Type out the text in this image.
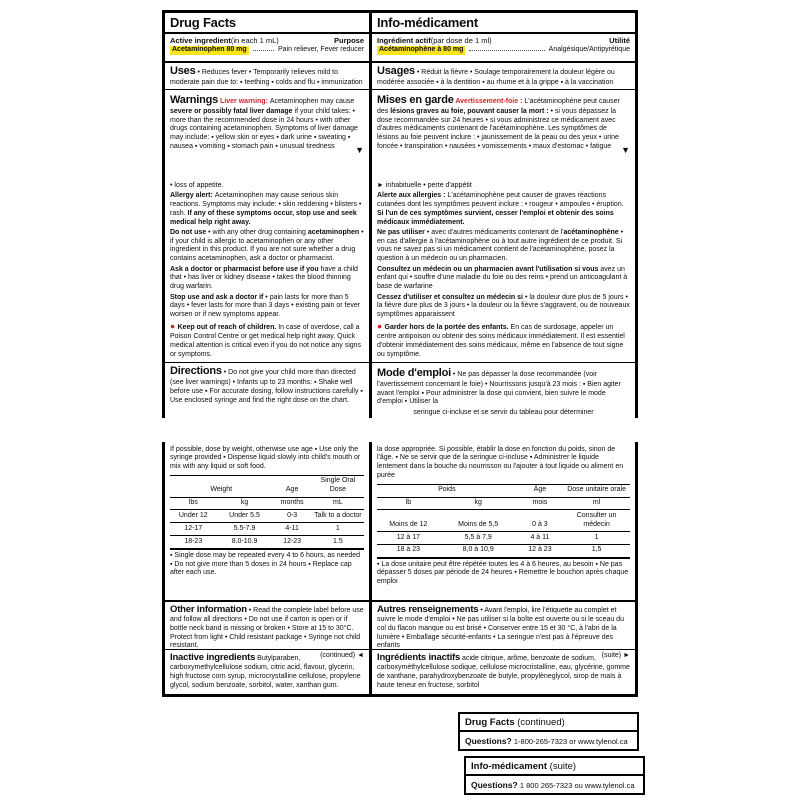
Drug Facts
Active ingredient (in each 1 mL)	Purpose
Acetaminophen 80 mg	Pain reliever, Fever reducer
Uses • Reduces fever • Temporarily relieves mild to moderate pain due to: ▪ teething ▪ colds and flu ▪ immunization
Warnings Liver warning: Acetaminophen may cause severe or possibly fatal liver damage if your child takes: • more than the recommended dose in 24 hours • with other drugs containing acetaminophen. Symptoms of liver damage may include: ▪ yellow skin or eyes ▪ dark urine ▪ sweating ▪ nausea ▪ vomiting ▪ stomach pain ▪ unusual tiredness ▼
• loss of appetite.
Allergy alert: Acetaminophen may cause serious skin reactions. Symptoms may include: • skin reddening • blisters • rash. If any of these symptoms occur, stop use and seek medical help right away.
Do not use • with any other drug containing acetaminophen • if your child is allergic to acetaminophen or any other ingredient in this product. If you are not sure whether a drug contains acetaminophen, ask a doctor or pharmacist.
Ask a doctor or pharmacist before use if you have a child that • has liver or kidney disease • takes the blood thinning drug warfarin.
Stop use and ask a doctor if • pain lasts for more than 5 days • fever lasts for more than 3 days • existing pain or fever worsen or if new symptoms appear.
● Keep out of reach of children. In case of overdose, call a Poison Control Centre or get medical help right away. Quick medical attention is critical even if you do not notice any signs or symptoms.
Directions • Do not give your child more than directed (see liver warnings) • Infants up to 23 months: ▪ Shake well before use ▪ For accurate dosing, follow instructions carefully ▪ Use enclosed syringe and find the right dose on the chart.
Info-médicament
Ingrédient actif (par dose de 1 ml)	Utilité
Acétaminophène à 80 mg	Analgésique/Antipyrétique
Usages • Réduit la fièvre • Soulage temporairement la douleur légère ou modérée associée ▪ à la dentition ▪ au rhume et à la grippe ▪ à la vaccination
Mises en garde Avertissement-foie : L'acétaminophène peut causer des lésions graves au foie, pouvant causer la mort : • si vous dépassez la dose recommandée sur 24 heures • si vous administrez ce médicament avec d'autres médicaments contenant de l'acétaminophène. Les symptômes de lésions au foie peuvent inclure : • jaunissement de la peau ou des yeux • urine foncée • transpiration • nausées • vomissements • maux d'estomac • fatigue ▼
► inhabituelle • perte d'appétit
Alerte aux allergies : L'acétaminophène peut causer de graves réactions cutanées dont les symptômes peuvent inclure : • rougeur • ampoules • éruption. Si l'un de ces symptômes survient, cesser l'emploi et obtenir des soins médicaux immédiatement.
Ne pas utiliser • avec d'autres médicaments contenant de l'acétaminophène • en cas d'allergie à l'acétaminophène ou à tout autre ingrédient de ce produit. Si vous ne savez pas si un médicament contient de l'acétaminophène, posez la question à un médecin ou un pharmacien.
Consultez un médecin ou un pharmacien avant l'utilisation si vous avez un enfant qui • souffre d'une maladie du foie ou des reins • prend un anticoagulant à base de warfarine
Cessez d'utiliser et consultez un médecin si • la douleur dure plus de 5 jours • la fièvre dure plus de 3 jours • la douleur ou la fièvre s'aggravent, ou de nouveaux symptômes apparaissent
● Garder hors de la portée des enfants. En cas de surdosage, appeler un centre antipoison ou obtenir des soins médicaux immédiatement. Il est essentiel d'obtenir immédiatement des soins médicaux, même en l'absence de tout signe ou symptôme.
Mode d'emploi • Ne pas dépasser la dose recommandée (voir l'avertissement concernant le foie) • Nourrissons jusqu'à 23 mois : ▪ Bien agiter avant l'emploi ▪ Pour administrer la dose qui convient, bien suivre le mode d'emploi ▪ Utiliser la
seringue ci-incluse et se servir du tableau pour déterminer
If possible, dose by weight, otherwise use age ▪ Use only the syringe provided ▪ Dispense liquid slowly into child's mouth or mix with any liquid or soft food.
Weight		Age	Single Oral Dose
lbs	kg	months	mL
Under 12	Under 5.5	0-3	Talk to a doctor
12-17	5.5-7.9	4-11	1
18-23	8.0-10.9	12-23	1.5
▪ Single dose may be repeated every 4 to 6 hours, as needed ▪ Do not give more than 5 doses in 24 hours ▪ Replace cap after each use.
Other information • Read the complete label before use and follow all directions • Do not use if carton is open or if bottle neck band is missing or broken • Store at 15 to 30°C. Protect from light • Child resistant package • Syringe not child resistant.
(continued) ◄
Inactive ingredients Butylparaben, carboxymethylcellulose sodium, citric acid, flavour, glycerin, high fructose corn syrup, microcrystalline cellulose, propylene glycol, sodium benzoate, sorbitol, water, xanthan gum.
la dose appropriée. Si possible, établir la dose en fonction du poids, sinon de l'âge. ▪ Ne se servir que de la seringue ci-incluse ▪ Administrer le liquide lentement dans la bouche du nourrisson ou l'ajouter à tout liquide ou aliment en purée
Poids		Âge	Dose unitaire orale
lb	kg	mois	ml
Moins de 12	Moins de 5,5	0 à 3	Consulter un médecin
12 à 17	5,5 à 7,9	4 à 11	1
18 à 23	8,0 à 10,9	12 à 23	1,5
▪ La dose unitaire peut être répétée toutes les 4 à 6 heures, au besoin ▪ Ne pas dépasser 5 doses par période de 24 heures ▪ Remettre le bouchon après chaque emploi
Autres renseignements • Avant l'emploi, lire l'étiquette au complet et suivre le mode d'emploi • Ne pas utiliser si la boîte est ouverte ou si le sceau du col du flacon manque ou est brisé • Conserver entre 15 et 30 °C, à l'abri de la lumière • Emballage sécurité-enfants • La seringue n'est pas à l'épreuve des enfants
(suite) ►
Ingrédients inactifs acide citrique, arôme, benzoate de sodium, carboxyméthylcellulose sodique, cellulose microcristalline, eau, glycérine, gomme de xanthane, parahydroxybenzoate de butyle, propylèneglycol, sirop de maïs à haute teneur en fructose, sorbitol
Drug Facts (continued)
Questions? 1-800-265-7323 or www.tylenol.ca
Info-médicament (suite)
Questions? 1 800 265-7323 ou www.tylenol.ca
